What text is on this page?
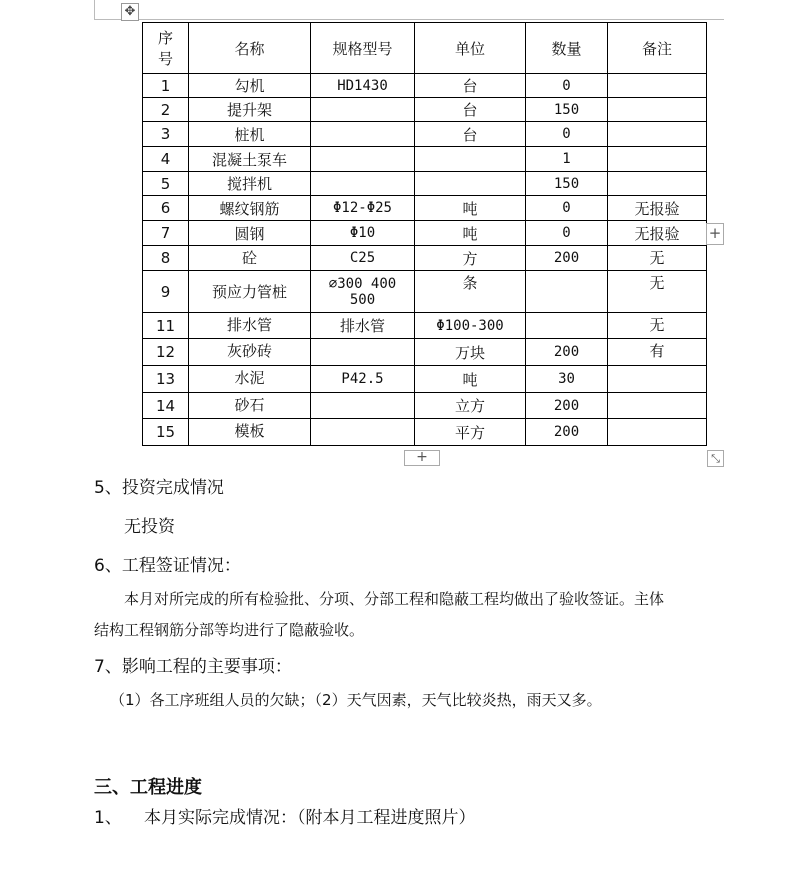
✥
序
号	名称	规格型号	单位	数量	备注
1	勾机	HD1430	台	0	
2	提升架		台	150	
3	桩机		台	0	
4	混凝土泵车			1	
5	搅拌机			150	
6	螺纹钢筋	Φ12-Φ25	吨	0	无报验
7	圆钢	Φ10	吨	0	无报验
8	砼	C25	方	200	无
9	预应力管桩	∅300 400
500	条		无
11	排水管	排水管	Φ100-300		无
12	灰砂砖		万块	200	有
13	水泥	P42.5	吨	30	
14	砂石		立方	200	
15	模板		平方	200	
+
+	⤡
5、投资完成情况
无投资
6、工程签证情况：
本月对所完成的所有检验批、分项、分部工程和隐蔽工程均做出了验收签证。主体
结构工程钢筋分部等均进行了隐蔽验收。
7、影响工程的主要事项：
（1）各工序班组人员的欠缺；（2）天气因素，天气比较炎热，雨天又多。
三、工程进度
1、 本月实际完成情况：（附本月工程进度照片）
